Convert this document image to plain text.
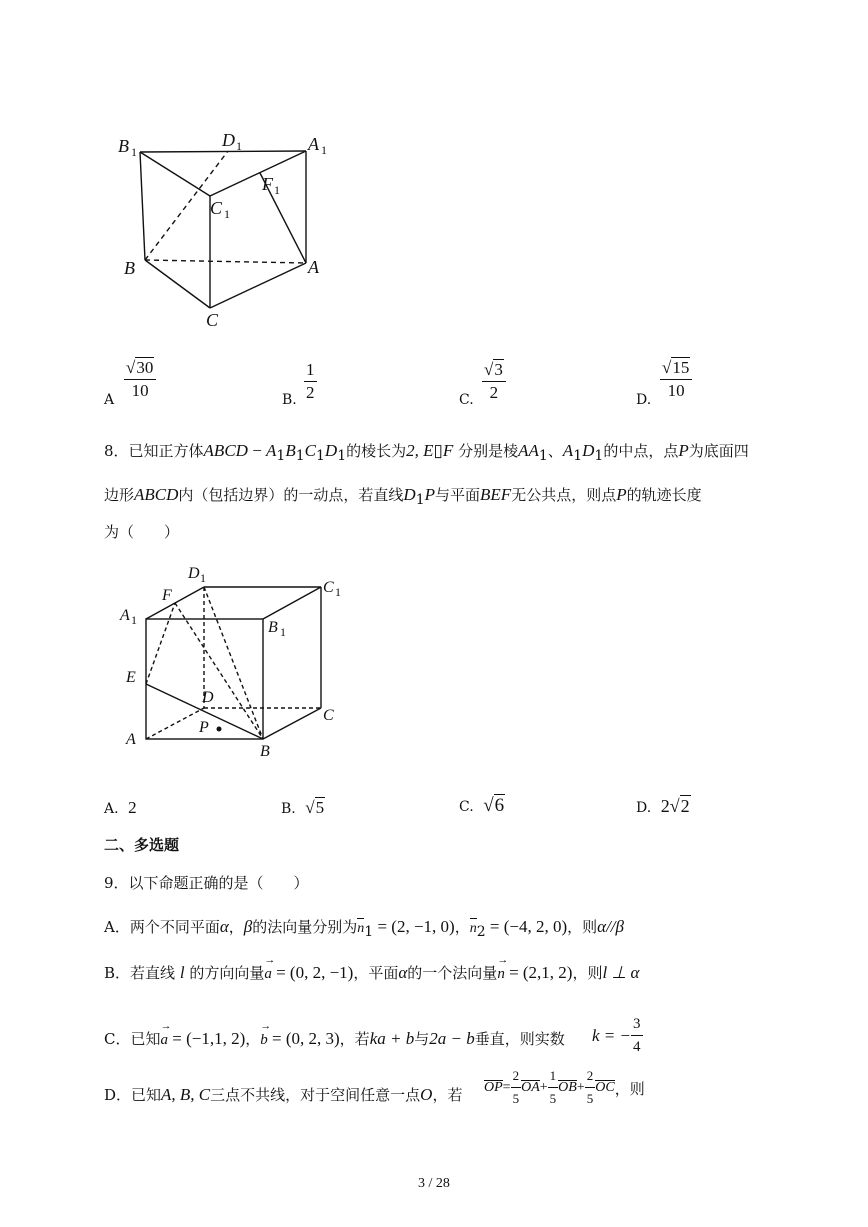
B 1
D 1	A 1
F 1
C 1
B	A
C
A $\frac{√30}{10}$	B. $\frac{1}{2}$	C. $\frac{√3}{2}$	D. $\frac{√15}{10}$
8．已知正方体ABCD − $A_1B_1C_1D_1$的棱长为2, E▯F 分别是棱$AA_1$、$A_1D_1$的中点，点P为底面四
边形ABCD内（包括边界）的一动点，若直线$D_1P$与平面BEF无公共点，则点P的轨迹长度
为（　　）
D 1
C 1
A 1
F
B 1
E
D
C
P
A
B
A. 2	B. √5	C. √6	D. 2√2
二、多选题
9．以下命题正确的是（　　）
A．两个不同平面α，β的法向量分别为$n_1 = (2$, −1, 0)，$n_2 = (-4$, 2, 0)，则α//β
B．若直线 l 的方向向量→ a = (0, 2, −1)，平面α的一个法向量→ n = (2,1, 2)，则l ⊥ α
C．已知→ a = (−1,1, 2)，→ b = (0, 2, 3)，若ka + b与2a − b垂直，则实数 k = − $\frac{3}{4}$
D．已知A, B, C三点不共线，对于空间任意一点O，若 OP = $\frac{2}{5}$ OA + $\frac{1}{5}$ OB + $\frac{2}{5}$ OC ，则
3 / 28
